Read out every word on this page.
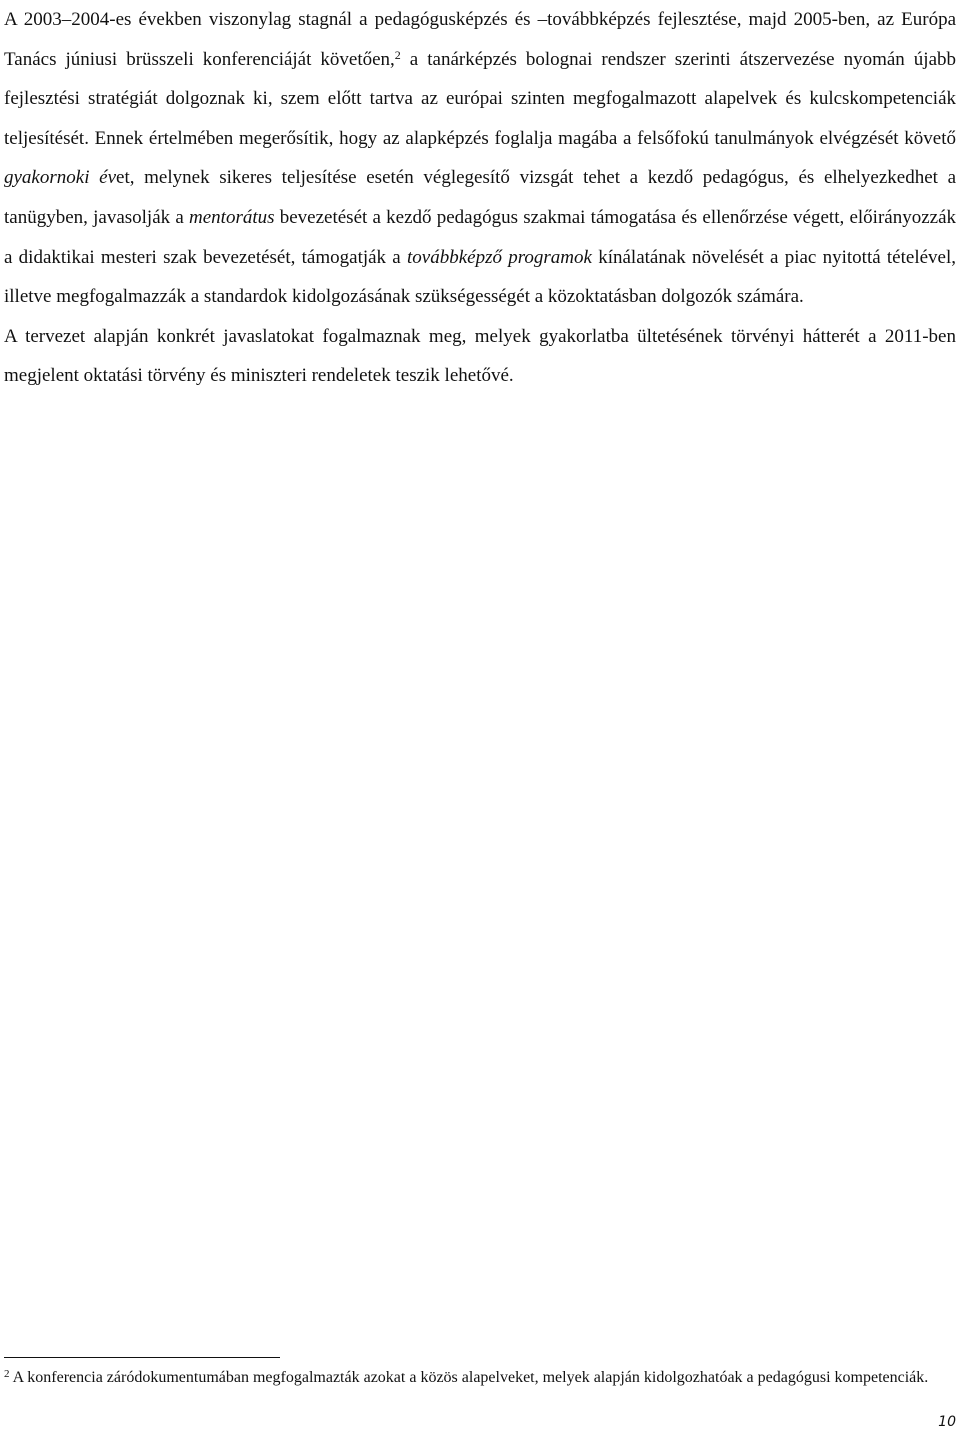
A 2003–2004-es években viszonylag stagnál a pedagógusképzés és –továbbképzés fejlesztése, majd 2005-ben, az Európa Tanács júniusi brüsszeli konferenciáját követően,$^2$ a tanárképzés bolognai rendszer szerinti átszervezése nyomán újabb fejlesztési stratégiát dolgoznak ki, szem előtt tartva az európai szinten megfogalmazott alapelvek és kulcskompetenciák teljesítését. Ennek értelmében megerősítik, hogy az alapképzés foglalja magába a felsőfokú tanulmányok elvégzését követő gyakornoki évet, melynek sikeres teljesítése esetén véglegesítő vizsgát tehet a kezdő pedagógus, és elhelyezkedhet a tanügyben, javasolják a mentorátus bevezetését a kezdő pedagógus szakmai támogatása és ellenőrzése végett, előirányozzák a didaktikai mesteri szak bevezetését, támogatják a továbbképző programok kínálatának növelését a piac nyitottá tételével, illetve megfogalmazzák a standardok kidolgozásának szükségességét a közoktatásban dolgozók számára.

A tervezet alapján konkrét javaslatokat fogalmaznak meg, melyek gyakorlatba ültetésének törvényi hátterét a 2011-ben megjelent oktatási törvény és miniszteri rendeletek teszik lehetővé.

$^2$ A konferencia záródokumentumában megfogalmazták azokat a közös alapelveket, melyek alapján kidolgozhatóak a pedagógusi kompetenciák.
10
